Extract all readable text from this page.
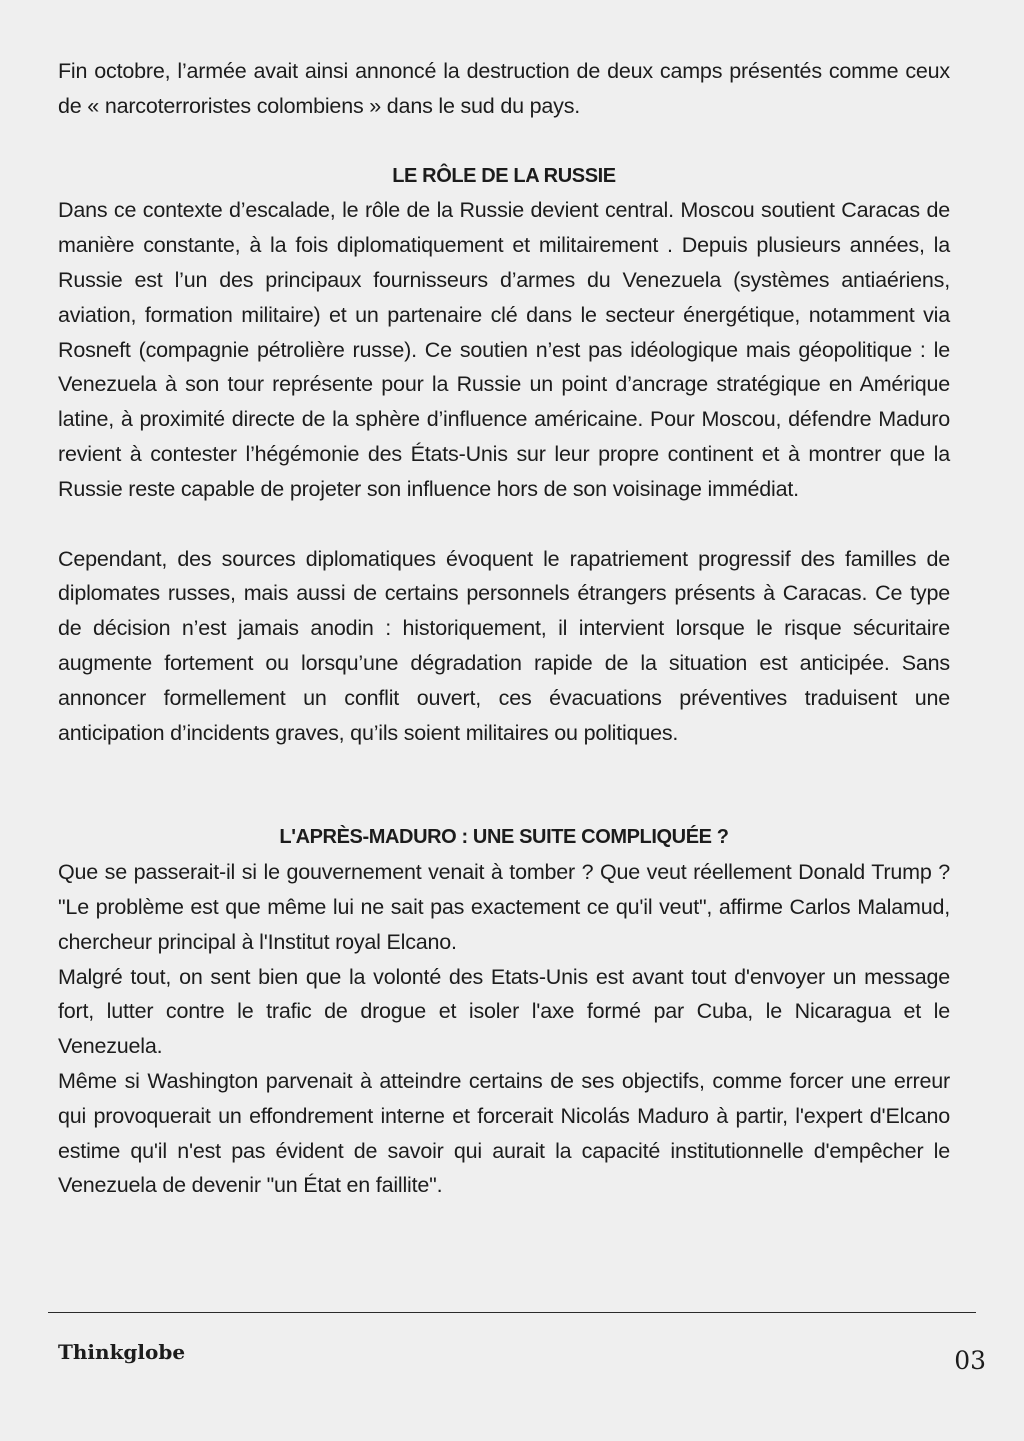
Fin octobre, l’armée avait ainsi annoncé la destruction de deux camps présentés comme ceux de « narcoterroristes colombiens » dans le sud du pays.

LE RÔLE DE LA RUSSIE

Dans ce contexte d’escalade, le rôle de la Russie devient central. Moscou soutient Caracas de manière constante, à la fois diplomatiquement et militairement . Depuis plusieurs années, la Russie est l’un des principaux fournisseurs d’armes du Venezuela (systèmes antiaériens, aviation, formation militaire) et un partenaire clé dans le secteur énergétique, notamment via Rosneft (compagnie pétrolière russe). Ce soutien n’est pas idéologique mais géopolitique : le Venezuela à son tour représente pour la Russie un point d’ancrage stratégique en Amérique latine, à proximité directe de la sphère d’influence américaine. Pour Moscou, défendre Maduro revient à contester l’hégémonie des États-Unis sur leur propre continent et à montrer que la Russie reste capable de projeter son influence hors de son voisinage immédiat.

Cependant, des sources diplomatiques évoquent le rapatriement progressif des familles de diplomates russes, mais aussi de certains personnels étrangers présents à Caracas. Ce type de décision n’est jamais anodin : historiquement, il intervient lorsque le risque sécuritaire augmente fortement ou lorsqu’une dégradation rapide de la situation est anticipée. Sans annoncer formellement un conflit ouvert, ces évacuations préventives traduisent une anticipation d’incidents graves, qu’ils soient militaires ou politiques.

L'APRÈS-MADURO : UNE SUITE COMPLIQUÉE ?

Que se passerait-il si le gouvernement venait à tomber ? Que veut réellement Donald Trump ? "Le problème est que même lui ne sait pas exactement ce qu'il veut", affirme Carlos Malamud, chercheur principal à l'Institut royal Elcano.

Malgré tout, on sent bien que la volonté des Etats-Unis est avant tout d'envoyer un message fort, lutter contre le trafic de drogue et isoler l'axe formé par Cuba, le Nicaragua et le Venezuela.

Même si Washington parvenait à atteindre certains de ses objectifs, comme forcer une erreur qui provoquerait un effondrement interne et forcerait Nicolás Maduro à partir, l'expert d'Elcano estime qu'il n'est pas évident de savoir qui aurait la capacité institutionnelle d'empêcher le Venezuela de devenir "un État en faillite".

Thinkglobe	03
